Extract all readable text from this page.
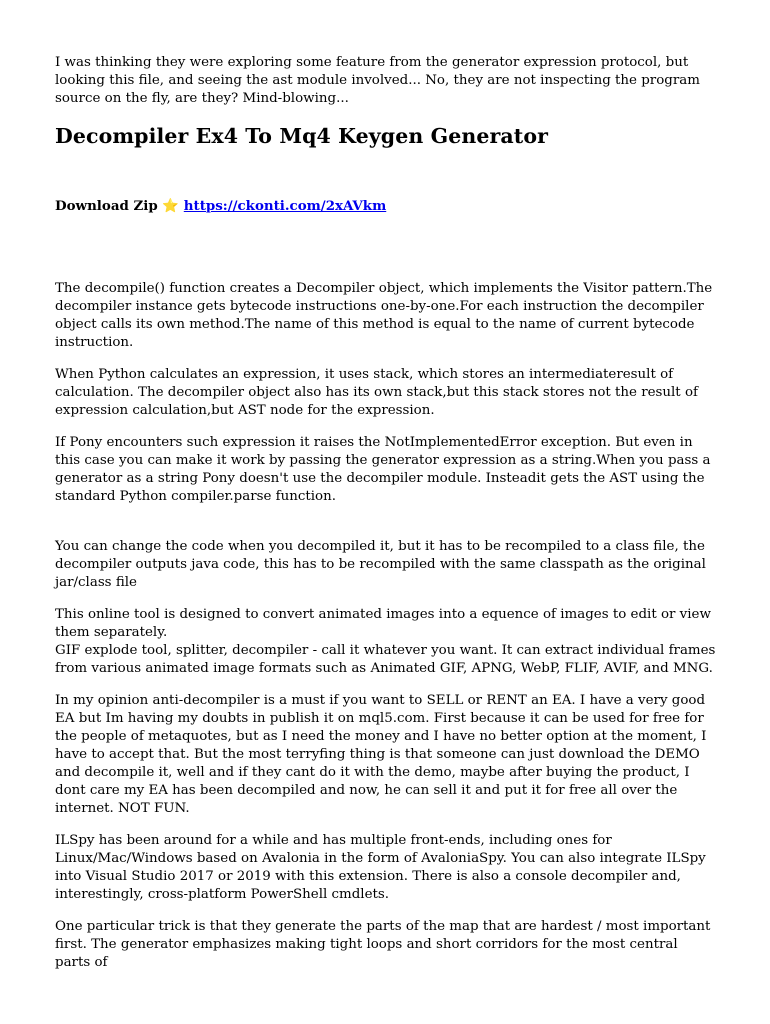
I was thinking they were exploring some feature from the generator expression protocol, but looking this file, and seeing the ast module involved... No, they are not inspecting the program source on the fly, are they? Mind-blowing...

Decompiler Ex4 To Mq4 Keygen Generator

Download Zip ⭐ https://ckonti.com/2xAVkm

The decompile() function creates a Decompiler object, which implements the Visitor pattern.The decompiler instance gets bytecode instructions one-by-one.For each instruction the decompiler object calls its own method.The name of this method is equal to the name of current bytecode instruction.

When Python calculates an expression, it uses stack, which stores an intermediateresult of calculation. The decompiler object also has its own stack,but this stack stores not the result of expression calculation,but AST node for the expression.

If Pony encounters such expression it raises the NotImplementedError exception. But even in this case you can make it work by passing the generator expression as a string.When you pass a generator as a string Pony doesn't use the decompiler module. Insteadit gets the AST using the standard Python compiler.parse function.

You can change the code when you decompiled it, but it has to be recompiled to a class file, the decompiler outputs java code, this has to be recompiled with the same classpath as the original jar/class file

This online tool is designed to convert animated images into a equence of images to edit or view them separately.

GIF explode tool, splitter, decompiler - call it whatever you want. It can extract individual frames from various animated image formats such as Animated GIF, APNG, WebP, FLIF, AVIF, and MNG.

In my opinion anti-decompiler is a must if you want to SELL or RENT an EA. I have a very good EA but Im having my doubts in publish it on mql5.com. First because it can be used for free for the people of metaquotes, but as I need the money and I have no better option at the moment, I have to accept that. But the most terryfing thing is that someone can just download the DEMO and decompile it, well and if they cant do it with the demo, maybe after buying the product, I dont care my EA has been decompiled and now, he can sell it and put it for free all over the internet. NOT FUN.

ILSpy has been around for a while and has multiple front-ends, including ones for Linux/Mac/Windows based on Avalonia in the form of AvaloniaSpy. You can also integrate ILSpy into Visual Studio 2017 or 2019 with this extension. There is also a console decompiler and, interestingly, cross-platform PowerShell cmdlets.

One particular trick is that they generate the parts of the map that are hardest / most important first. The generator emphasizes making tight loops and short corridors for the most central parts of
